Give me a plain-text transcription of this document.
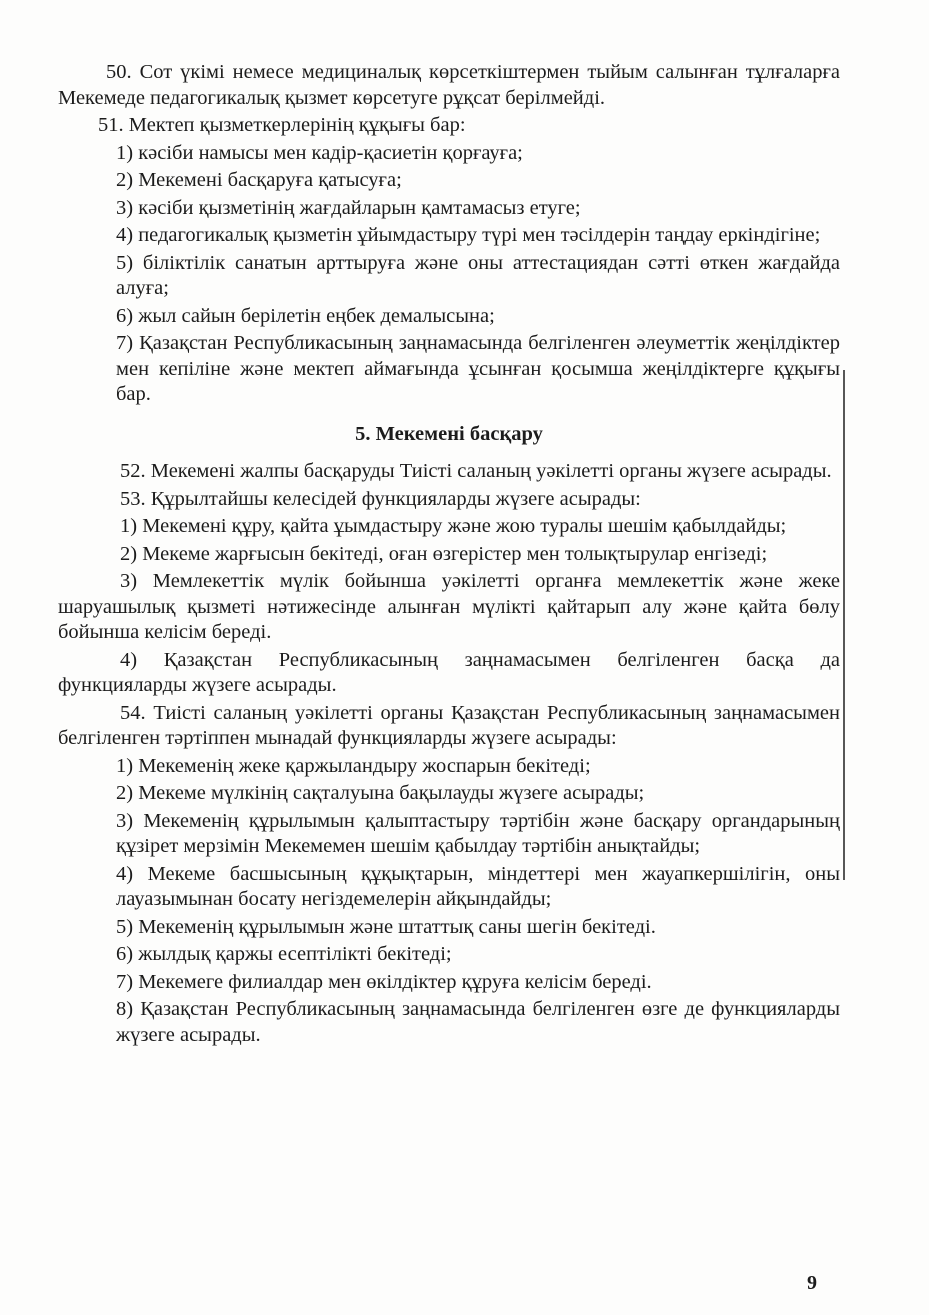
50. Сот үкімі немесе медициналық көрсеткіштермен тыйым салынған тұлғаларға Мекемеде педагогикалық қызмет көрсетуге рұқсат берілмейді.

51. Мектеп қызметкерлерінің құқығы бар:

1) кәсіби намысы мен кадір-қасиетін қорғауға;

2) Мекемені басқаруға қатысуға;

3) кәсіби қызметінің жағдайларын қамтамасыз етуге;

4) педагогикалық қызметін ұйымдастыру түрі мен тәсілдерін таңдау еркіндігіне;

5) біліктілік санатын арттыруға және оны аттестациядан сәтті өткен жағдайда алуға;

6) жыл сайын берілетін еңбек демалысына;

7) Қазақстан Республикасының заңнамасында белгіленген әлеуметтік жеңілдіктер мен кепіліне және мектеп аймағында ұсынған қосымша жеңілдіктерге құқығы бар.

5. Мекемені басқару

52. Мекемені жалпы басқаруды Тиісті саланың уәкілетті органы жүзеге асырады.

53. Құрылтайшы келесідей функцияларды жүзеге асырады:

1) Мекемені құру, қайта ұымдастыру және жою туралы шешім қабылдайды;

2) Мекеме жарғысын бекітеді, оған өзгерістер мен толықтырулар енгізеді;

3) Мемлекеттік мүлік бойынша уәкілетті органға мемлекеттік және жеке шаруашылық қызметі нәтижесінде алынған мүлікті қайтарып алу және қайта бөлу бойынша келісім береді.

4) Қазақстан Республикасының заңнамасымен белгіленген басқа да функцияларды жүзеге асырады.

54. Тиісті саланың уәкілетті органы Қазақстан Республикасының заңнамасымен белгіленген тәртіппен мынадай функцияларды жүзеге асырады:

1) Мекеменің жеке қаржыландыру жоспарын бекітеді;

2) Мекеме мүлкінің сақталуына бақылауды жүзеге асырады;

3) Мекеменің құрылымын қалыптастыру тәртібін және басқару органдарының құзірет мерзімін Мекемемен шешім қабылдау тәртібін анықтайды;

4) Мекеме басшысының құқықтарын, міндеттері мен жауапкершілігін, оны лауазымынан босату негіздемелерін айқындайды;

5) Мекеменің құрылымын және штаттық саны шегін бекітеді.

6) жылдық қаржы есептілікті бекітеді;

7) Мекемеге филиалдар мен өкілдіктер құруға келісім береді.

8) Қазақстан Республикасының заңнамасында белгіленген өзге де функцияларды жүзеге асырады.

9
